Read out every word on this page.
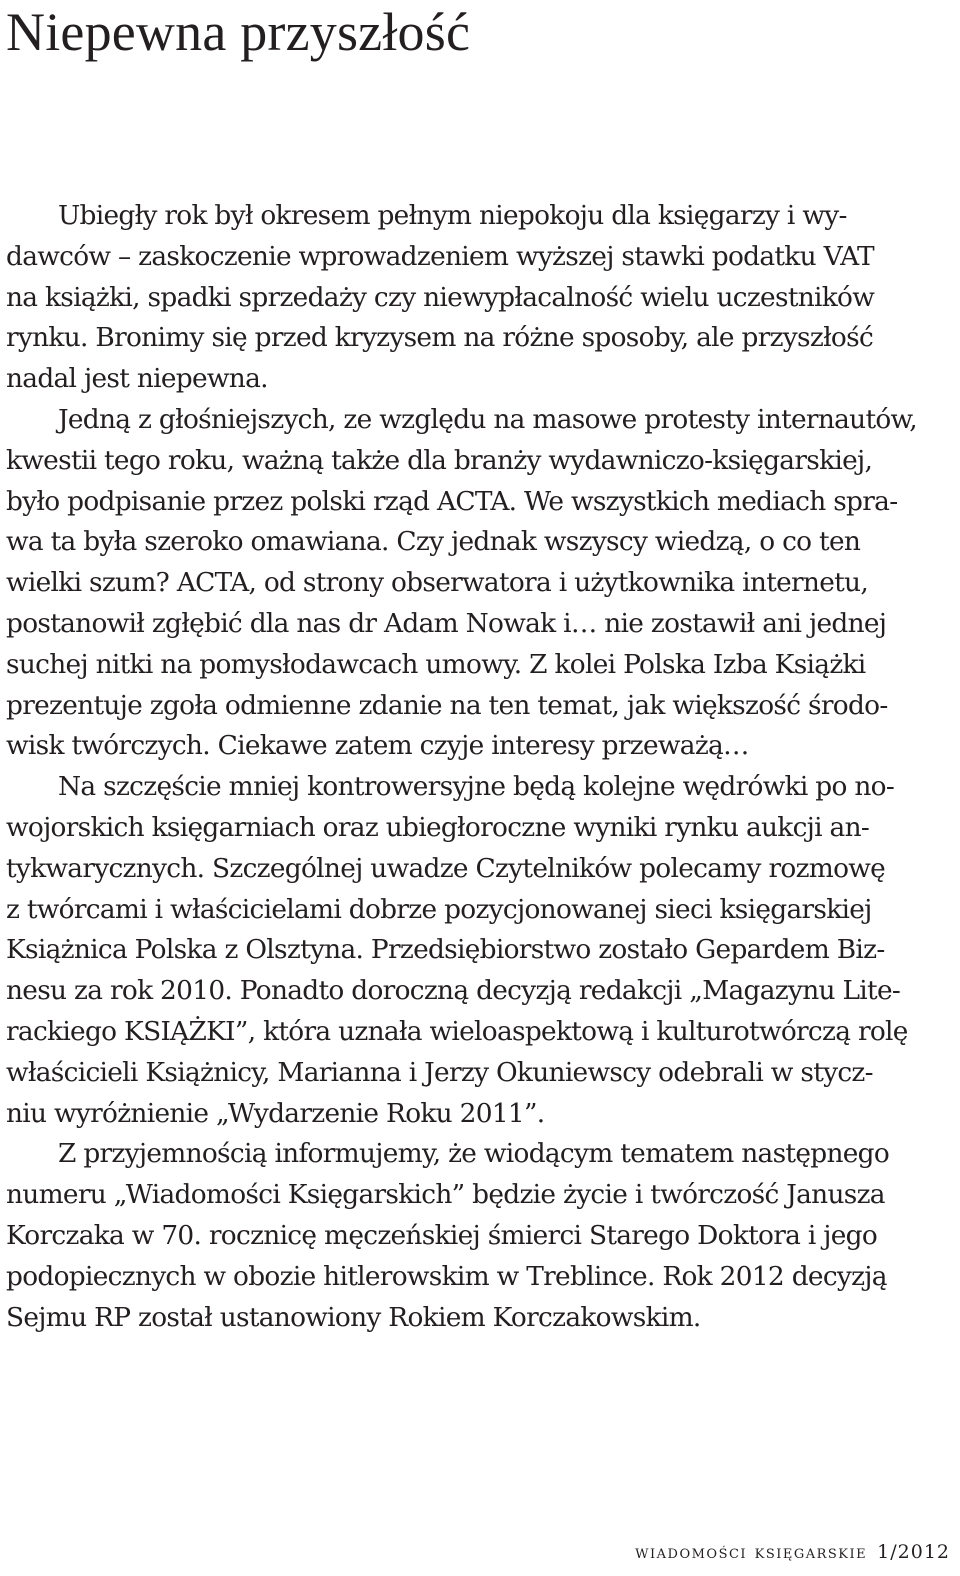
Niepewna przyszłość
Ubiegły rok był okresem pełnym niepokoju dla księgarzy i wy-
dawców – zaskoczenie wprowadzeniem wyższej stawki podatku VAT
na książki, spadki sprzedaży czy niewypłacalność wielu uczestników
rynku. Bronimy się przed kryzysem na różne sposoby, ale przyszłość
nadal jest niepewna.
Jedną z głośniejszych, ze względu na masowe protesty internautów,
kwestii tego roku, ważną także dla branży wydawniczo-księgarskiej,
było podpisanie przez polski rząd ACTA. We wszystkich mediach spra-
wa ta była szeroko omawiana. Czy jednak wszyscy wiedzą, o co ten
wielki szum? ACTA, od strony obserwatora i użytkownika internetu,
postanowił zgłębić dla nas dr Adam Nowak i… nie zostawił ani jednej
suchej nitki na pomysłodawcach umowy. Z kolei Polska Izba Książki
prezentuje zgoła odmienne zdanie na ten temat, jak większość środo-
wisk twórczych. Ciekawe zatem czyje interesy przeważą…
Na szczęście mniej kontrowersyjne będą kolejne wędrówki po no-
wojorskich księgarniach oraz ubiegłoroczne wyniki rynku aukcji an-
tykwarycznych. Szczególnej uwadze Czytelników polecamy rozmowę
z twórcami i właścicielami dobrze pozycjonowanej sieci księgarskiej
Książnica Polska z Olsztyna. Przedsiębiorstwo zostało Gepardem Biz-
nesu za rok 2010. Ponadto doroczną decyzją redakcji „Magazynu Lite-
rackiego KSIĄŻKI”, która uznała wieloaspektową i kulturotwórczą rolę
właścicieli Książnicy, Marianna i Jerzy Okuniewscy odebrali w stycz-
niu wyróżnienie „Wydarzenie Roku 2011”.
Z przyjemnością informujemy, że wiodącym tematem następnego
numeru „Wiadomości Księgarskich” będzie życie i twórczość Janusza
Korczaka w 70. rocznicę męczeńskiej śmierci Starego Doktora i jego
podopiecznych w obozie hitlerowskim w Treblince. Rok 2012 decyzją
Sejmu RP został ustanowiony Rokiem Korczakowskim.
wiadomości księgarskie 1/2012
